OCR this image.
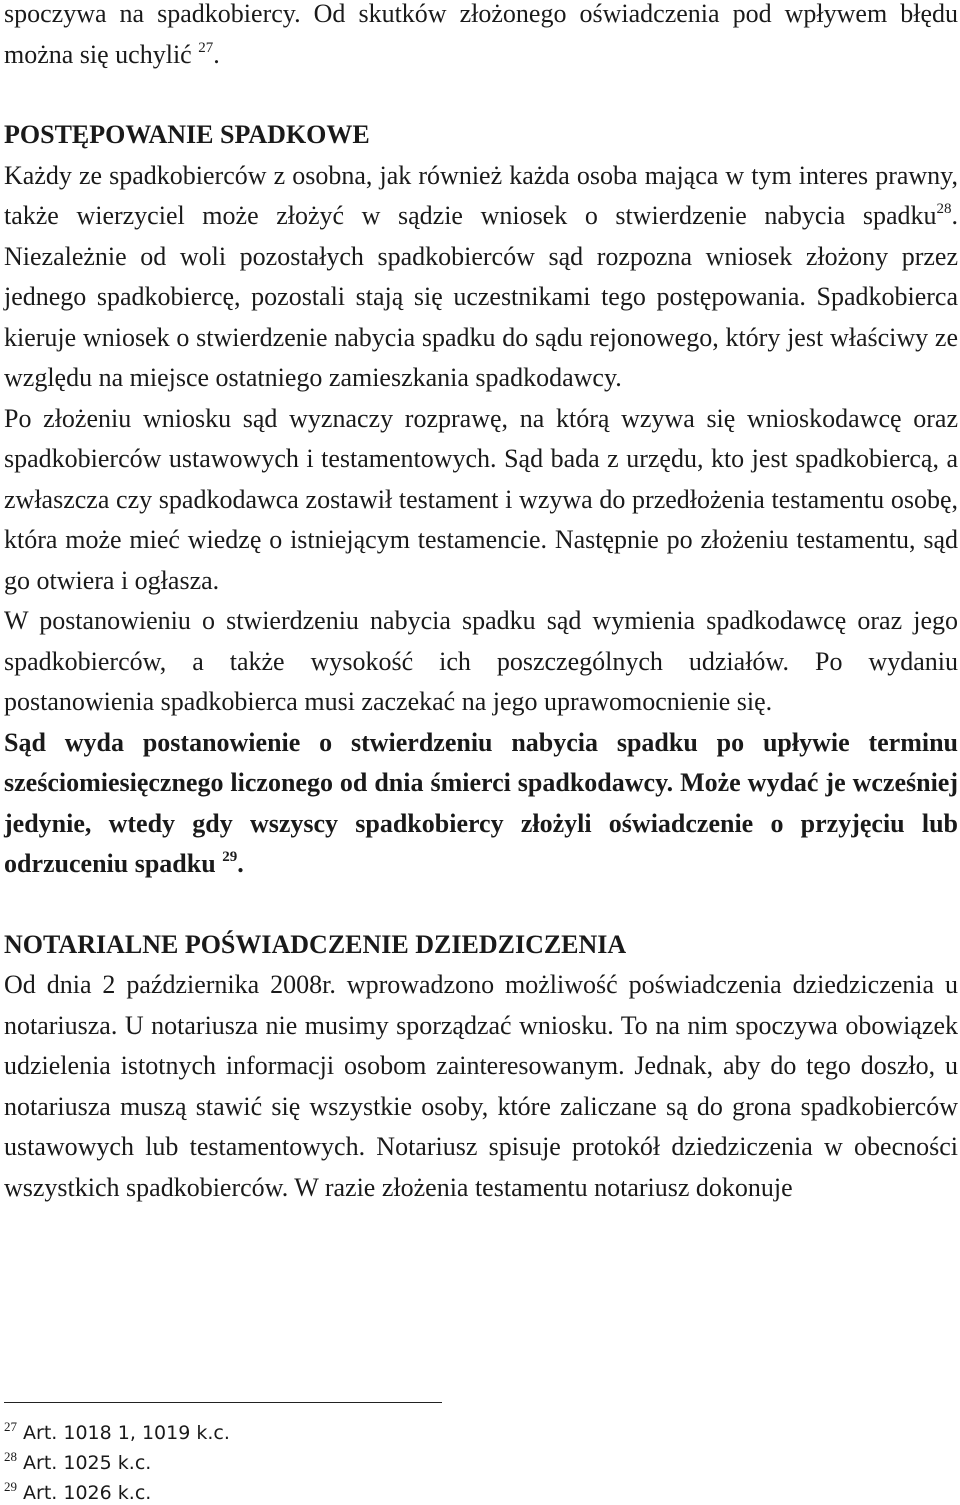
spoczywa na spadkobiercy. Od skutków złożonego oświadczenia pod wpływem błędu można się uchylić $^{27}$.

POSTĘPOWANIE SPADKOWE

Każdy ze spadkobierców z osobna, jak również każda osoba mająca w tym interes prawny, także wierzyciel może złożyć w sądzie wniosek o stwierdzenie nabycia spadku$^{28}$. Niezależnie od woli pozostałych spadkobierców sąd rozpozna wniosek złożony przez jednego spadkobiercę, pozostali stają się uczestnikami tego postępowania. Spadkobierca kieruje wniosek o stwierdzenie nabycia spadku do sądu rejonowego, który jest właściwy ze względu na miejsce ostatniego zamieszkania spadkodawcy.

Po złożeniu wniosku sąd wyznaczy rozprawę, na którą wzywa się wnioskodawcę oraz spadkobierców ustawowych i testamentowych. Sąd bada z urzędu, kto jest spadkobiercą, a zwłaszcza czy spadkodawca zostawił testament i wzywa do przedłożenia testamentu osobę, która może mieć wiedzę o istniejącym testamencie. Następnie po złożeniu testamentu, sąd go otwiera i ogłasza.

W postanowieniu o stwierdzeniu nabycia spadku sąd wymienia spadkodawcę oraz jego spadkobierców, a także wysokość ich poszczególnych udziałów. Po wydaniu postanowienia spadkobierca musi zaczekać na jego uprawomocnienie się.

Sąd wyda postanowienie o stwierdzeniu nabycia spadku po upływie terminu sześciomiesięcznego liczonego od dnia śmierci spadkodawcy. Może wydać je wcześniej jedynie, wtedy gdy wszyscy spadkobiercy złożyli oświadczenie o przyjęciu lub odrzuceniu spadku $^{29}$.

NOTARIALNE POŚWIADCZENIE DZIEDZICZENIA

Od dnia 2 października 2008r. wprowadzono możliwość poświadczenia dziedziczenia u notariusza. U notariusza nie musimy sporządzać wniosku. To na nim spoczywa obowiązek udzielenia istotnych informacji osobom zainteresowanym. Jednak, aby do tego doszło, u notariusza muszą stawić się wszystkie osoby, które zaliczane są do grona spadkobierców ustawowych lub testamentowych. Notariusz spisuje protokół dziedziczenia w obecności wszystkich spadkobierców. W razie złożenia testamentu notariusz dokonuje

$^{27}$ Art. 1018 1, 1019 k.c.
$^{28}$ Art. 1025 k.c.
$^{29}$ Art. 1026 k.c.
